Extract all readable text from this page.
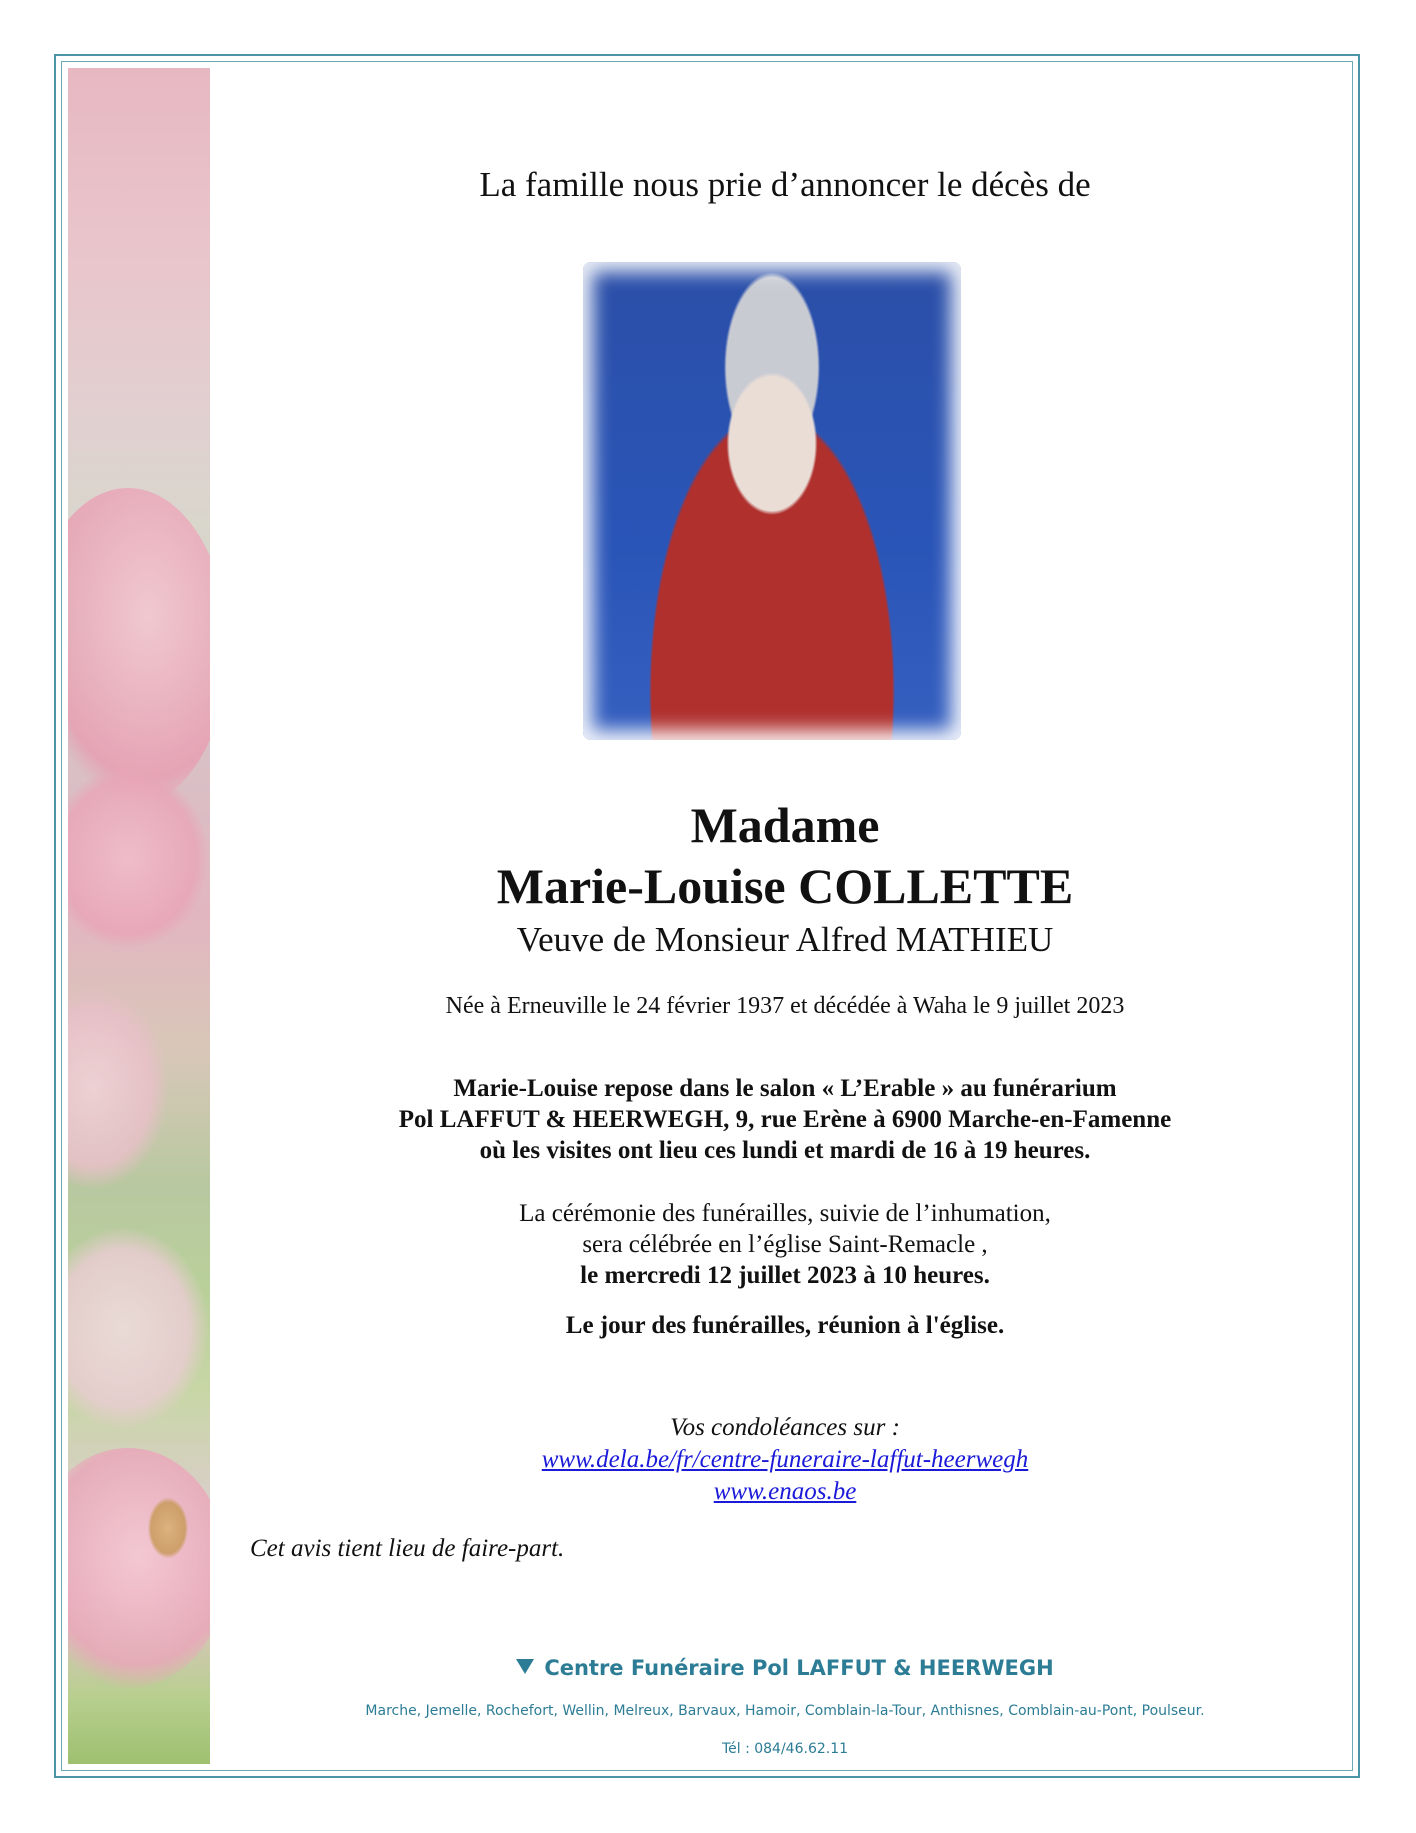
La famille nous prie d’annoncer le décès de
Madame
Marie-Louise COLLETTE
Veuve de Monsieur Alfred MATHIEU
Née à Erneuville le 24 février 1937 et décédée à Waha le 9 juillet 2023
Marie-Louise repose dans le salon « L’Erable » au funérarium
Pol LAFFUT & HEERWEGH, 9, rue Erène à 6900 Marche-en-Famenne
où les visites ont lieu ces lundi et mardi de 16 à 19 heures.
La cérémonie des funérailles, suivie de l’inhumation,
sera célébrée en l’église Saint-Remacle ,
le mercredi 12 juillet 2023 à 10 heures.
Le jour des funérailles, réunion à l'église.
Vos condoléances sur :
www.dela.be/fr/centre-funeraire-laffut-heerwegh
www.enaos.be
Cet avis tient lieu de faire-part.
Centre Funéraire Pol LAFFUT & HEERWEGH
Marche, Jemelle, Rochefort, Wellin, Melreux, Barvaux, Hamoir, Comblain-la-Tour, Anthisnes, Comblain-au-Pont, Poulseur.
Tél : 084/46.62.11
